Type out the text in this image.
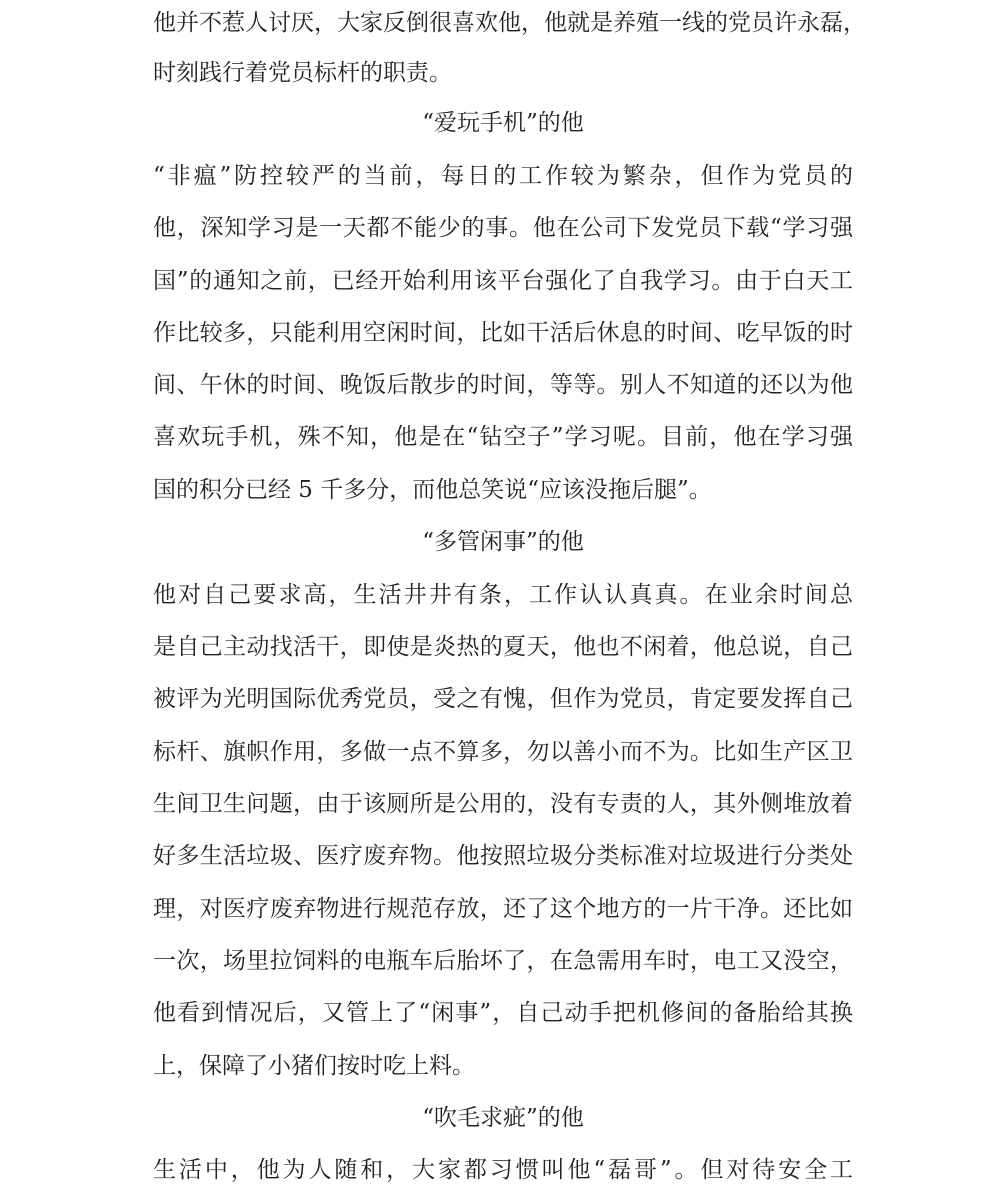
他并不惹人讨厌，大家反倒很喜欢他，他就是养殖一线的党员许永磊，
时刻践行着党员标杆的职责。
“爱玩手机”的他
“非瘟”防控较严的当前，每日的工作较为繁杂，但作为党员的
他，深知学习是一天都不能少的事。他在公司下发党员下载“学习强
国”的通知之前，已经开始利用该平台强化了自我学习。由于白天工
作比较多，只能利用空闲时间，比如干活后休息的时间、吃早饭的时
间、午休的时间、晚饭后散步的时间，等等。别人不知道的还以为他
喜欢玩手机，殊不知，他是在“钻空子”学习呢。目前，他在学习强
国的积分已经 5 千多分，而他总笑说“应该没拖后腿”。
“多管闲事”的他
他对自己要求高，生活井井有条，工作认认真真。在业余时间总
是自己主动找活干，即使是炎热的夏天，他也不闲着，他总说，自己
被评为光明国际优秀党员，受之有愧，但作为党员，肯定要发挥自己
标杆、旗帜作用，多做一点不算多，勿以善小而不为。比如生产区卫
生间卫生问题，由于该厕所是公用的，没有专责的人，其外侧堆放着
好多生活垃圾、医疗废弃物。他按照垃圾分类标准对垃圾进行分类处
理，对医疗废弃物进行规范存放，还了这个地方的一片干净。还比如
一次，场里拉饲料的电瓶车后胎坏了，在急需用车时，电工又没空，
他看到情况后，又管上了“闲事”，自己动手把机修间的备胎给其换
上，保障了小猪们按时吃上料。
“吹毛求疵”的他
生活中，他为人随和，大家都习惯叫他“磊哥”。但对待安全工
